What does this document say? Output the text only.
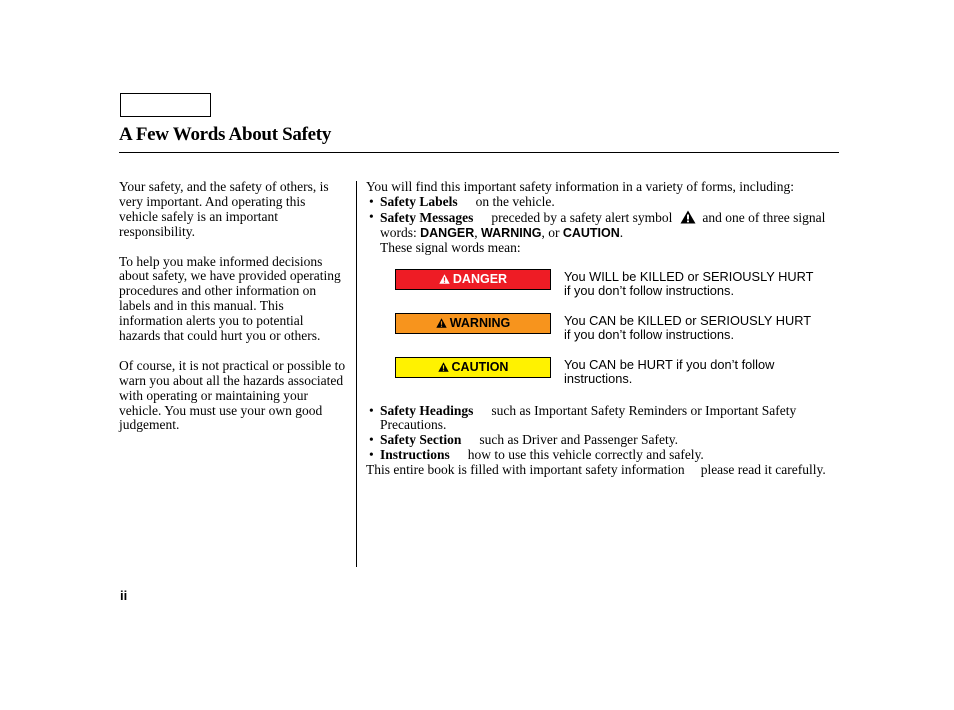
A Few Words About Safety

Your safety, and the safety of others, is very important. And operating this vehicle safely is an important responsibility.

To help you make informed decisions about safety, we have provided operating procedures and other information on labels and in this manual. This information alerts you to potential hazards that could hurt you or others.

Of course, it is not practical or possible to warn you about all the hazards associated with operating or maintaining your vehicle. You must use your own good judgement.

You will find this important safety information in a variety of forms, including:

• Safety Labels on the vehicle.
• Safety Messages preceded by a safety alert symbol and one of three signal words: DANGER, WARNING, or CAUTION.
These signal words mean:
DANGER	You WILL be KILLED or SERIOUSLY HURT if you don’t follow instructions.
WARNING	You CAN be KILLED or SERIOUSLY HURT if you don’t follow instructions.
CAUTION	You CAN be HURT if you don’t follow instructions.
• Safety Headings such as Important Safety Reminders or Important Safety Precautions.
• Safety Section such as Driver and Passenger Safety.
• Instructions how to use this vehicle correctly and safely.

This entire book is filled with important safety information please read it carefully.

ii
